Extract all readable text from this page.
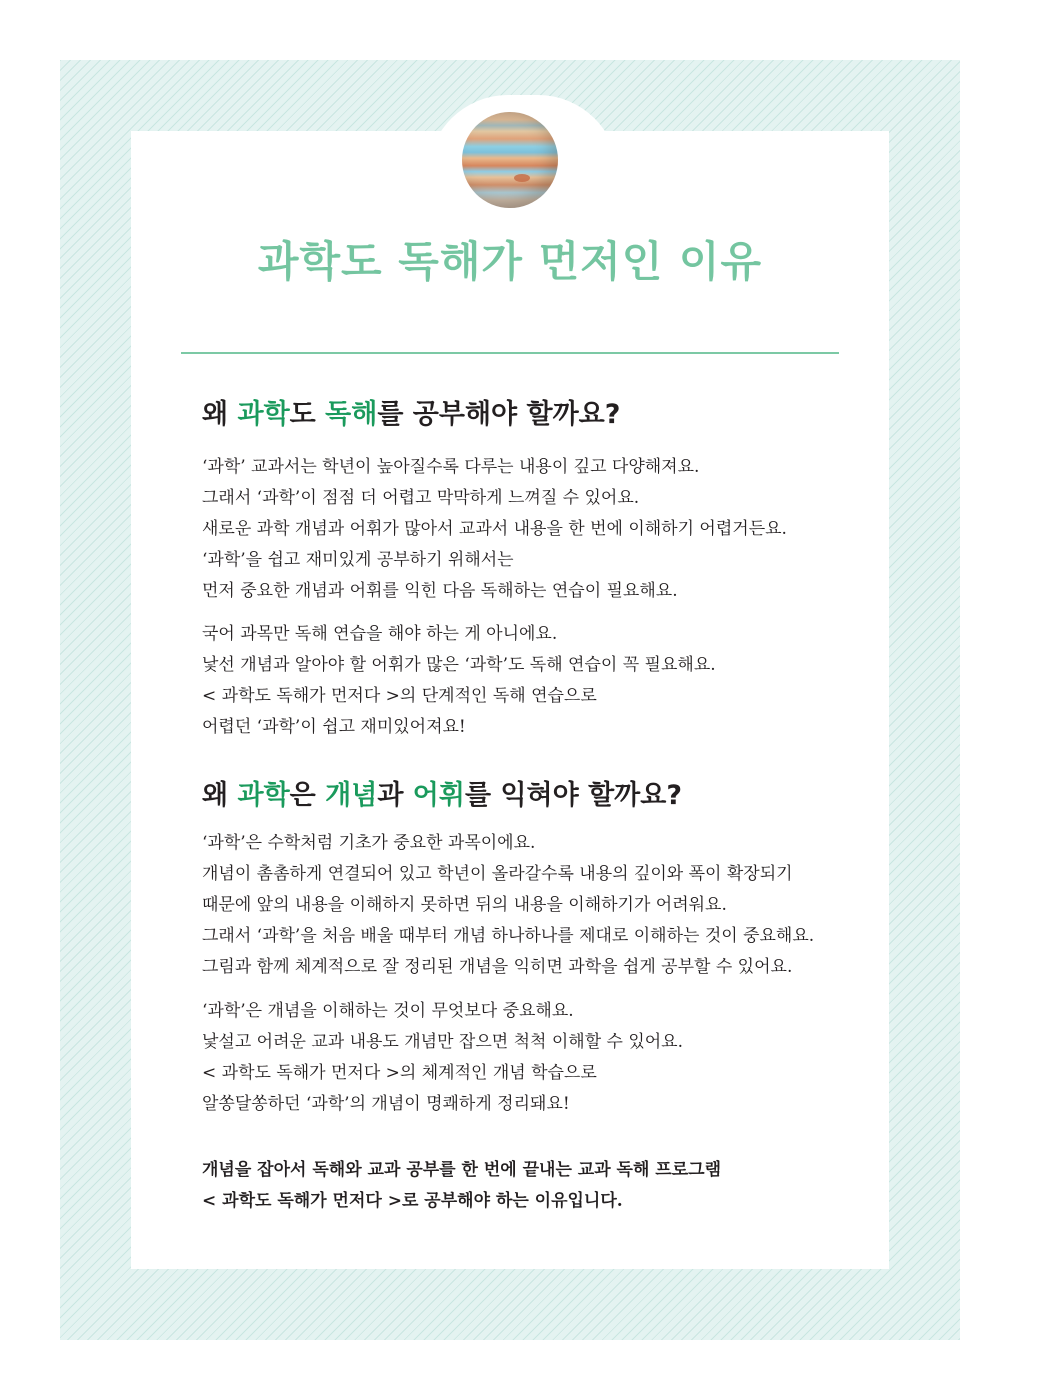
과학도 독해가 먼저인 이유
왜 과학도 독해를 공부해야 할까요?

‘과학’ 교과서는 학년이 높아질수록 다루는 내용이 깊고 다양해져요.
그래서 ‘과학’이 점점 더 어렵고 막막하게 느껴질 수 있어요.
새로운 과학 개념과 어휘가 많아서 교과서 내용을 한 번에 이해하기 어렵거든요.
‘과학’을 쉽고 재미있게 공부하기 위해서는
먼저 중요한 개념과 어휘를 익힌 다음 독해하는 연습이 필요해요.

국어 과목만 독해 연습을 해야 하는 게 아니에요.
낯선 개념과 알아야 할 어휘가 많은 ‘과학’도 독해 연습이 꼭 필요해요.
< 과학도 독해가 먼저다 >의 단계적인 독해 연습으로
어렵던 ‘과학’이 쉽고 재미있어져요!

왜 과학은 개념과 어휘를 익혀야 할까요?

‘과학’은 수학처럼 기초가 중요한 과목이에요.
개념이 촘촘하게 연결되어 있고 학년이 올라갈수록 내용의 깊이와 폭이 확장되기
때문에 앞의 내용을 이해하지 못하면 뒤의 내용을 이해하기가 어려워요.
그래서 ‘과학’을 처음 배울 때부터 개념 하나하나를 제대로 이해하는 것이 중요해요.
그림과 함께 체계적으로 잘 정리된 개념을 익히면 과학을 쉽게 공부할 수 있어요.

‘과학’은 개념을 이해하는 것이 무엇보다 중요해요.
낯설고 어려운 교과 내용도 개념만 잡으면 척척 이해할 수 있어요.
< 과학도 독해가 먼저다 >의 체계적인 개념 학습으로
알쏭달쏭하던 ‘과학’의 개념이 명쾌하게 정리돼요!

개념을 잡아서 독해와 교과 공부를 한 번에 끝내는 교과 독해 프로그램
< 과학도 독해가 먼저다 >로 공부해야 하는 이유입니다.
